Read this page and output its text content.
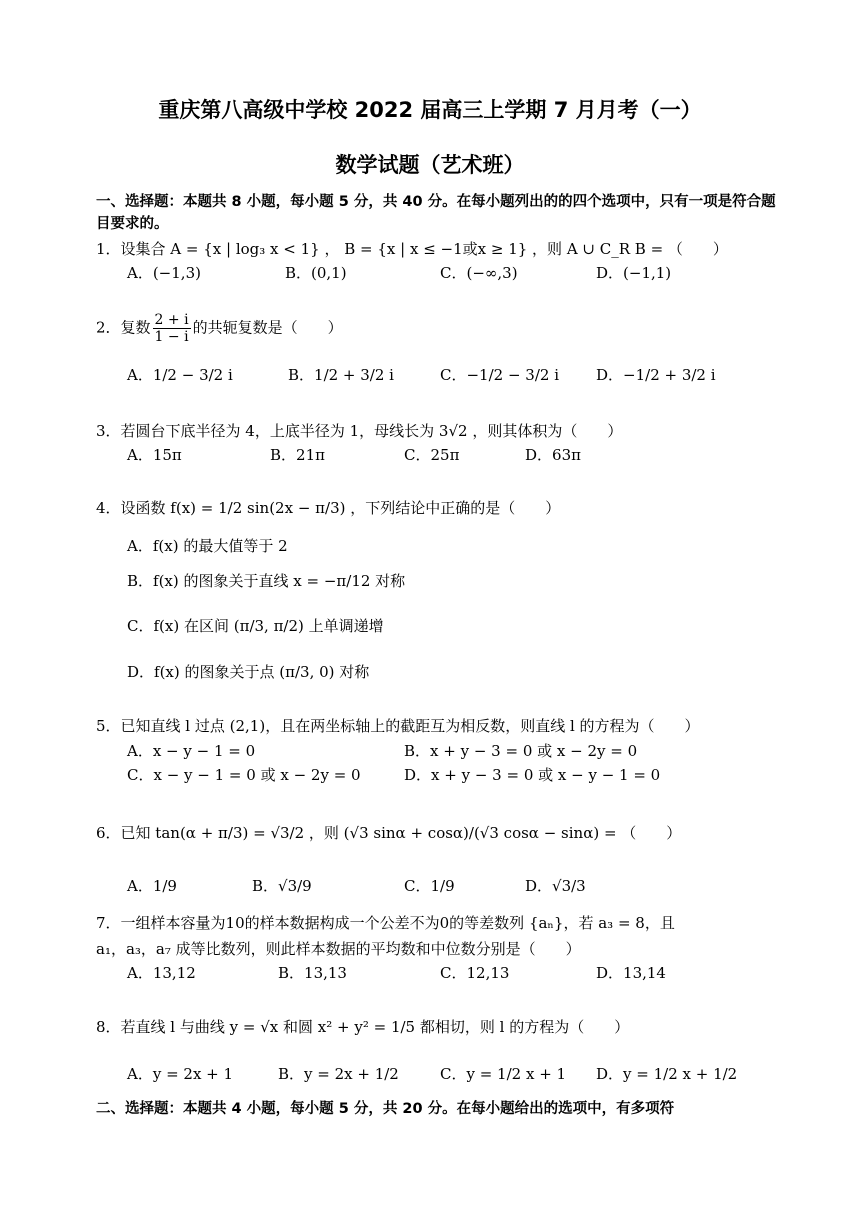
重庆第八高级中学校 2022 届高三上学期 7 月月考（一）
数学试题（艺术班）
一、选择题：本题共 8 小题，每小题 5 分，共 40 分。在每小题列出的的四个选项中，只有一项是符合题目要求的。
1．设集合 A = {x | log₃ x < 1} ， B = {x | x ≤ −1或x ≥ 1} ，则 A ∪ C_R B = （　　）
A．(−1,3)	B．(0,1)	C．(−∞,3)	D．(−1,1)
2．复数 $\frac{2 + i}{1 - i}$ 的共轭复数是（　　）
A．1/2 − 3/2 i	B．1/2 + 3/2 i	C．−1/2 − 3/2 i D．−1/2 + 3/2 i
3．若圆台下底半径为 4，上底半径为 1，母线长为 3√2 ，则其体积为（　　）
A．15π	B．21π	C．25π	D．63π
4．设函数 f(x) = 1/2 sin(2x − π/3) ，下列结论中正确的是（　　）
A．f(x) 的最大值等于 2
B．f(x) 的图象关于直线 x = −π/12 对称
C．f(x) 在区间 (π/3, π/2) 上单调递增
D．f(x) 的图象关于点 (π/3, 0) 对称
5．已知直线 l 过点 (2,1)，且在两坐标轴上的截距互为相反数，则直线 l 的方程为（　　）
A．x − y − 1 = 0	B．x + y − 3 = 0 或 x − 2y = 0
C．x − y − 1 = 0 或 x − 2y = 0	D．x + y − 3 = 0 或 x − y − 1 = 0
6．已知 tan(α + π/3) = √3/2 ，则 (√3 sinα + cosα)/(√3 cosα − sinα) = （　　）
A．1/9	B．√3/9	C．1/9	D．√3/3
7．一组样本容量为10的样本数据构成一个公差不为0的等差数列 {aₙ}，若 a₃ = 8，且
a₁，a₃，a₇ 成等比数列，则此样本数据的平均数和中位数分别是（　　）
A．13,12	B．13,13	C．12,13	D．13,14
8．若直线 l 与曲线 y = √x 和圆 x² + y² = 1/5 都相切，则 l 的方程为（　　）
A．y = 2x + 1	B．y = 2x + 1/2	C．y = 1/2 x + 1 D．y = 1/2 x + 1/2
二、选择题：本题共 4 小题，每小题 5 分，共 20 分。在每小题给出的选项中，有多项符
